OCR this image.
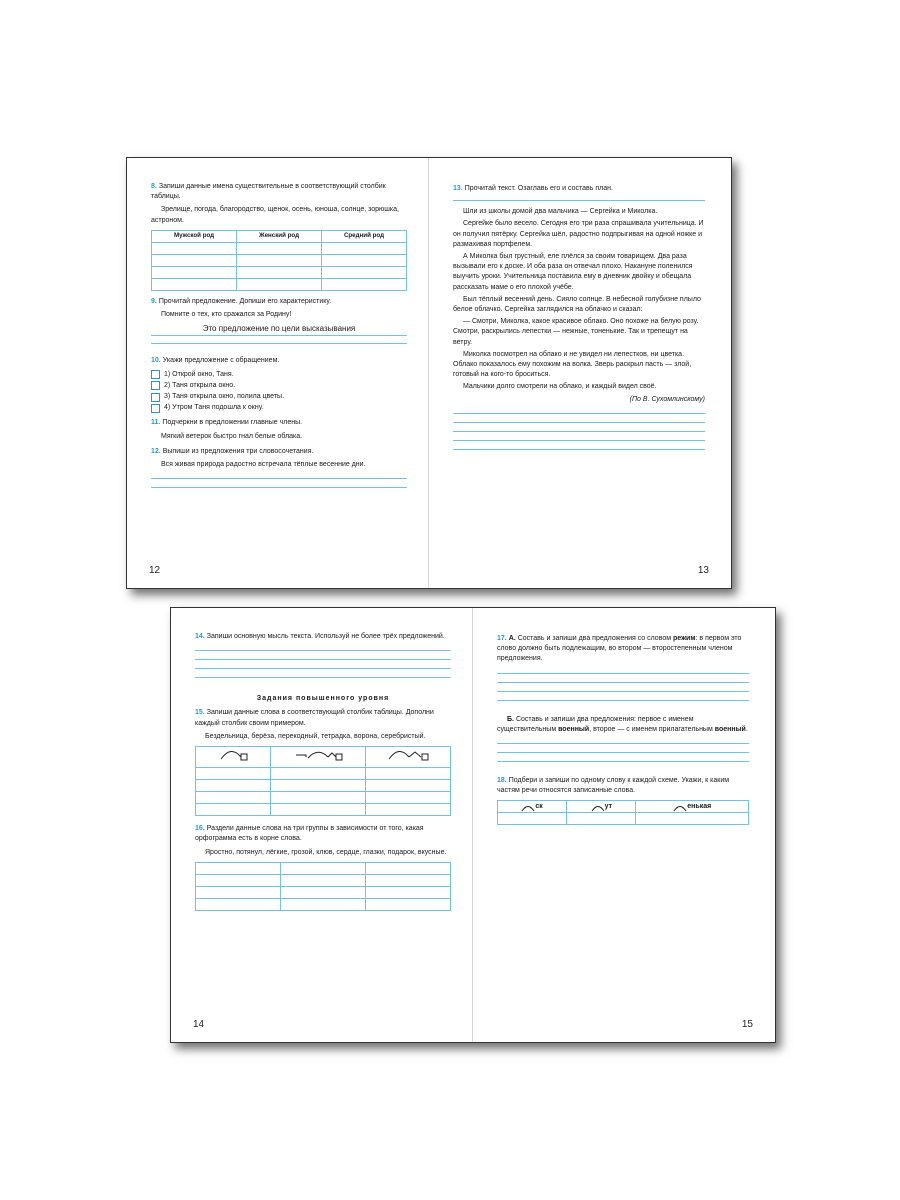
8. Запиши данные имена существительные в соответствующий столбик таблицы.
Зрелище, погода, благородство, щенок, осень, юноша, солнце, зорюшка, астроном.
Мужской род	Женский род	Средний род

9. Прочитай предложение. Допиши его характеристику.
Помните о тех, кто сражался за Родину!
Это предложение по цели высказывания
10. Укажи предложение с обращением.
1) Открой окно, Таня.
2) Таня открыла окно.
3) Таня открыла окно, полила цветы.
4) Утром Таня подошла к окну.
11. Подчеркни в предложении главные члены.
Мягкий ветерок быстро гнал белые облака.
12. Выпиши из предложения три словосочетания.
Вся живая природа радостно встречала тёплые весенние дни.
12
13. Прочитай текст. Озаглавь его и составь план.
Шли из школы домой два мальчика — Сергейка и Миколка.
Сергейке было весело. Сегодня его три раза спрашивала учительница. И он получил пятёрку. Сергейка шёл, радостно подпрыгивая на одной ножке и размахивая портфелем.
А Миколка был грустный, еле плёлся за своим товарищем. Два раза вызывали его к доске. И оба раза он отвечал плохо. Накануне поленился выучить уроки. Учительница поставила ему в дневник двойку и обещала рассказать маме о его плохой учёбе.
Был тёплый весенний день. Сияло солнце. В небесной голубизне плыло белое облачко. Сергейка заглядился на облачко и сказал:
— Смотри, Миколка, какое красивое облако. Оно похоже на белую розу. Смотри, раскрылись лепестки — нежные, тоненькие. Так и трепещут на ветру.
Миколка посмотрел на облако и не увидел ни лепестков, ни цветка. Облако показалось ему похожим на волка. Зверь раскрыл пасть — злой, готовый на кого-то броситься.
Мальчики долго смотрели на облако, и каждый видел своё.
(По В. Сухомлинскому)
13
14. Запиши основную мысль текста. Используй не более трёх предложений.
Задания повышенного уровня
15. Запиши данные слова в соответствующий столбик таблицы. Дополни каждый столбик своим примером.
Бездельница, берёза, перекодный, тетрадка, ворона, серебристый.

16. Раздели данные слова на три группы в зависимости от того, какая орфограмма есть в корне слова.
Яростно, потянул, лёгкие, грозой, клюв, сердце, глазки, подарок, вкусные.

14
17. А. Составь и запиши два предложения со словом режим: в первом это слово должно быть подлежащим, во втором — второстепенным членом предложения.
Б. Составь и запиши два предложения: первое с именем существительным военный, второе — с именем прилагательным военный.
18. Подбери и запиши по одному слову к каждой схеме. Укажи, к каким частям речи относятся записанные слова.
ск	ут	енькая

15
